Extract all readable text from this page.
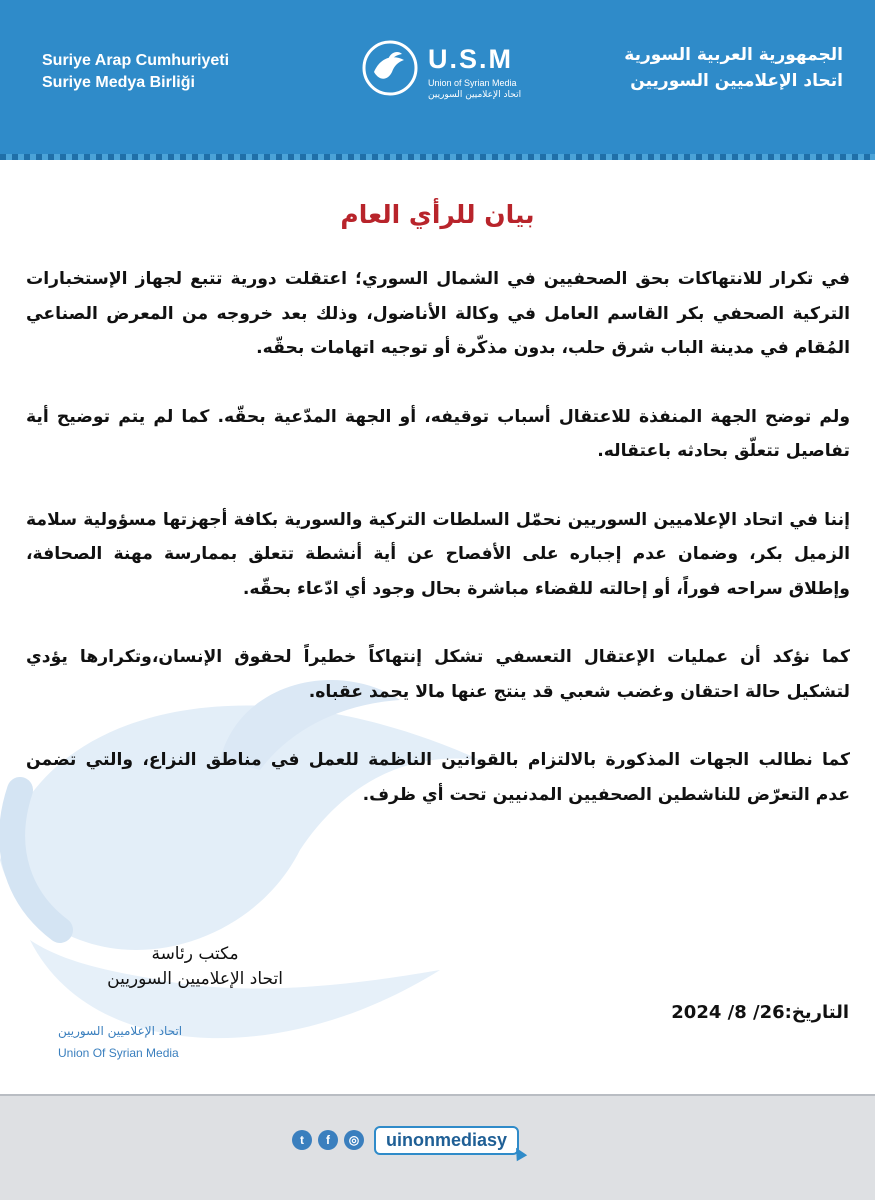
Suriye Arap Cumhuriyeti
Suriye Medya Birliği
U.S.M
Union of Syrian Media
اتحاد الإعلاميين السوريين
الجمهورية العربية السورية
اتحاد الإعلاميين السوريين
بيان للرأي العام

في تكرار للانتهاكات بحق الصحفيين في الشمال السوري؛ اعتقلت دورية تتبع لجهاز الإستخبارات التركية الصحفي بكر القاسم العامل في وكالة الأناضول، وذلك بعد خروجه من المعرض الصناعي المُقام في مدينة الباب شرق حلب، بدون مذكّرة أو توجيه اتهامات بحقّه.

ولم توضح الجهة المنفذة للاعتقال أسباب توقيفه، أو الجهة المدّعية بحقّه. كما لم يتم توضيح أية تفاصيل تتعلّق بحادثه باعتقاله.

إننا في اتحاد الإعلاميين السوريين نحمّل السلطات التركية والسورية بكافة أجهزتها مسؤولية سلامة الزميل بكر، وضمان عدم إجباره على الأفصاح عن أية أنشطة تتعلق بممارسة مهنة الصحافة، وإطلاق سراحه فوراً، أو إحالته للقضاء مباشرة بحال وجود أي ادّعاء بحقّه.

كما نؤكد أن عمليات الإعتقال التعسفي تشكل إنتهاكاً خطيراً لحقوق الإنسان،وتكرارها يؤدي لتشكيل حالة احتقان وغضب شعبي قد ينتج عنها مالا يحمد عقباه.

كما نطالب الجهات المذكورة بالالتزام بالقوانين الناظمة للعمل في مناطق النزاع، والتي تضمن عدم التعرّض للناشطين الصحفيين المدنيين تحت أي ظرف.

مكتب رئاسة
اتحاد الإعلاميين السوريين
اتحاد الإعلاميين السوريين
Union Of Syrian Media
التاريخ:26/ 8/ 2024
t	f	◎	uinonmediasy
